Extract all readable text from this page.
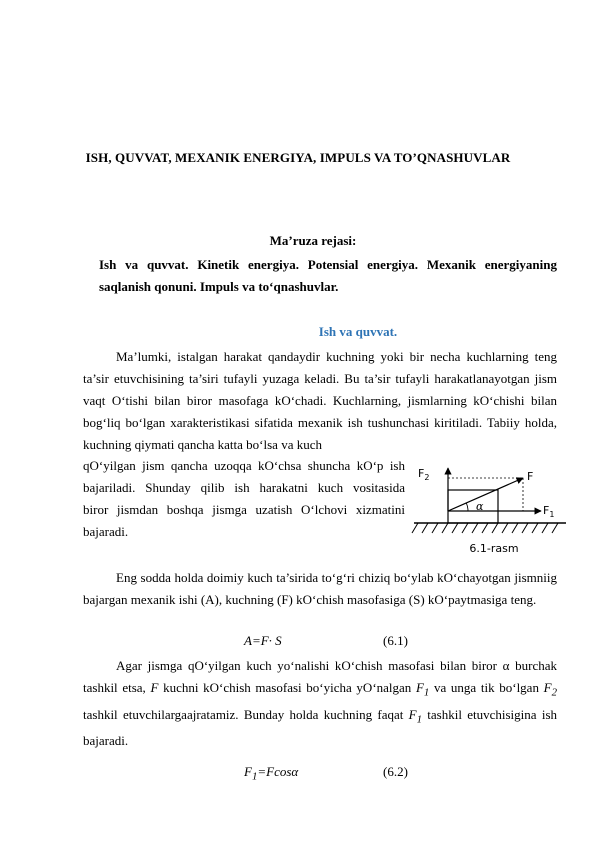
ISH, QUVVAT, MEXANIK ENERGIYA, IMPULS VA TO’QNASHUVLAR
Ma’ruza rejasi:
Ish va quvvat. Kinetik energiya. Potensial energiya. Mexanik energiyaning saqlanish qonuni. Impuls va to‘qnashuvlar.
Ish va quvvat.
Ma’lumki, istalgan harakat qandaydir kuchning yoki bir necha kuchlarning teng ta’sir etuvchisining ta’siri tufayli yuzaga keladi. Bu ta’sir tufayli harakatlanayotgan jism vaqt O‘tishi bilan biror masofaga kO‘chadi. Kuchlarning, jismlarning kO‘chishi bilan bog‘liq bo‘lgan xarakteristikasi sifatida mexanik ish tushunchasi kiritiladi. Tabiiy holda, kuchning qiymati qancha katta bo‘lsa va kuch
qO‘yilgan jism qancha uzoqqa kO‘chsa shuncha kO‘p ish
bajariladi. Shunday qilib ish harakatni kuch vositasida
biror jismdan boshqa jismga uzatish O‘lchovi xizmatini
bajaradi.
$F_2$	F
$F_1$
α
6.1-rasm
Eng sodda holda doimiy kuch ta’sirida to‘g‘ri chiziq bo‘ylab kO‘chayotgan jismniig bajargan mexanik ishi (A), kuchning (F) kO‘chish masofasiga (S) kO‘paytmasiga teng.
A=F· S	(6.1)
Agar jismga qO‘yilgan kuch yo‘nalishi kO‘chish masofasi bilan biror α burchak tashkil etsa, F kuchni kO‘chish masofasi bo‘yicha yO‘nalgan $F_1$ va unga tik bo‘lgan $F_2$ tashkil etuvchilargaajratamiz. Bunday holda kuchning faqat $F_1$ tashkil etuvchisigina ish bajaradi.
$F_1=Fcos\alpha$	(6.2)
